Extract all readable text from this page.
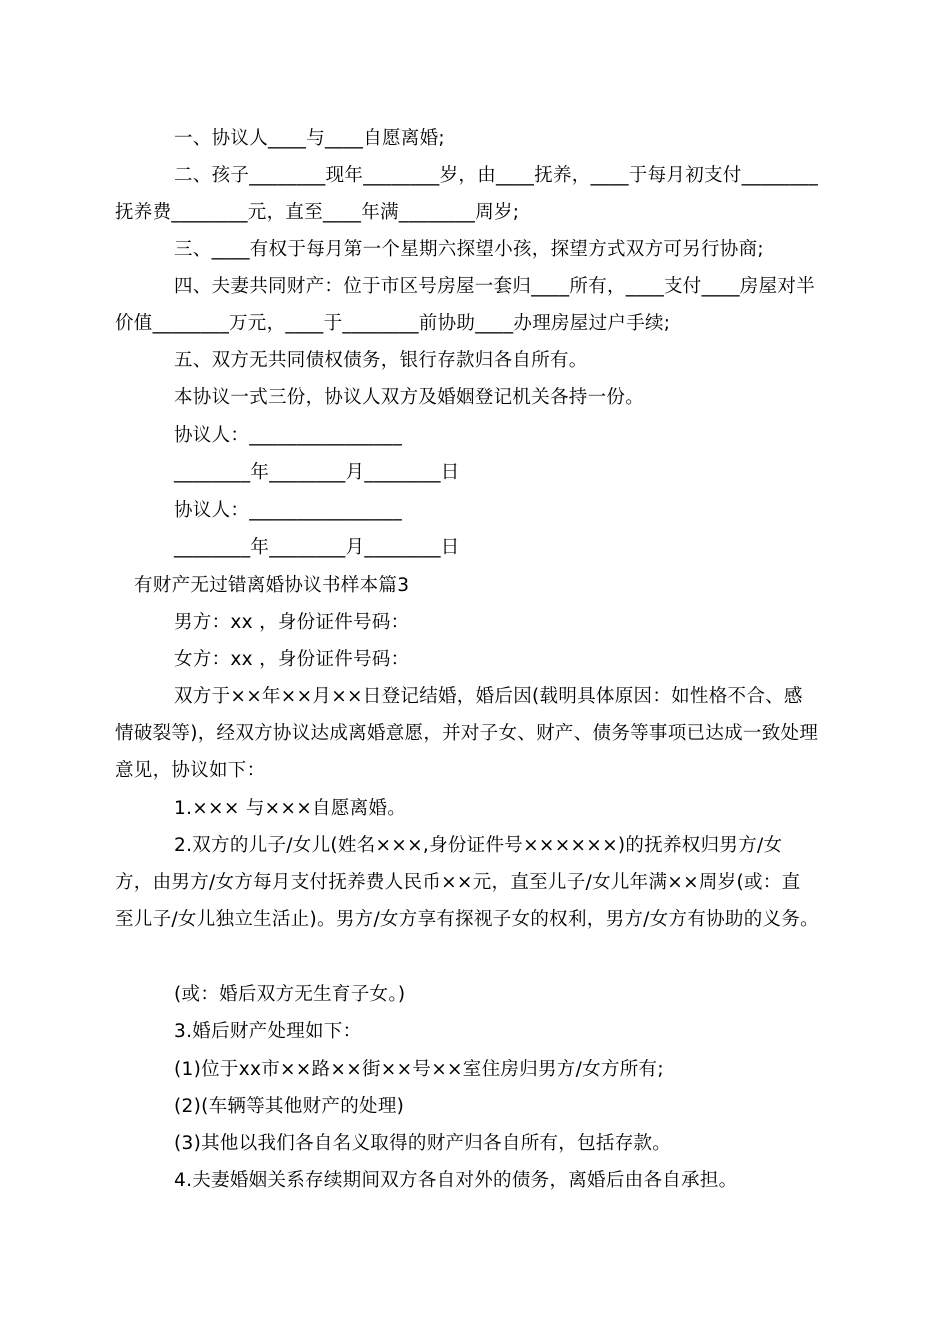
一、协议人____与____自愿离婚;
二、孩子________现年________岁，由____抚养，____于每月初支付________
抚养费________元，直至____年满________周岁;
三、____有权于每月第一个星期六探望小孩，探望方式双方可另行协商;
四、夫妻共同财产：位于市区号房屋一套归____所有，____支付____房屋对半
价值________万元，____于________前协助____办理房屋过户手续;
五、双方无共同债权债务，银行存款归各自所有。
本协议一式三份，协议人双方及婚姻登记机关各持一份。
协议人：________________
________年________月________日
协议人：________________
________年________月________日
有财产无过错离婚协议书样本篇3
男方：xx ，身份证件号码：
女方：xx ，身份证件号码：
双方于××年××月××日登记结婚，婚后因(载明具体原因：如性格不合、感
情破裂等)，经双方协议达成离婚意愿，并对子女、财产、债务等事项已达成一致处理
意见，协议如下：
1.××× 与×××自愿离婚。
2.双方的儿子/女儿(姓名×××,身份证件号××××××)的抚养权归男方/女
方，由男方/女方每月支付抚养费人民币××元，直至儿子/女儿年满××周岁(或：直
至儿子/女儿独立生活止)。男方/女方享有探视子女的权利，男方/女方有协助的义务。
(或：婚后双方无生育子女。)
3.婚后财产处理如下：
(1)位于xx市××路××街××号××室住房归男方/女方所有;
(2)(车辆等其他财产的处理)
(3)其他以我们各自名义取得的财产归各自所有，包括存款。
4.夫妻婚姻关系存续期间双方各自对外的债务，离婚后由各自承担。
